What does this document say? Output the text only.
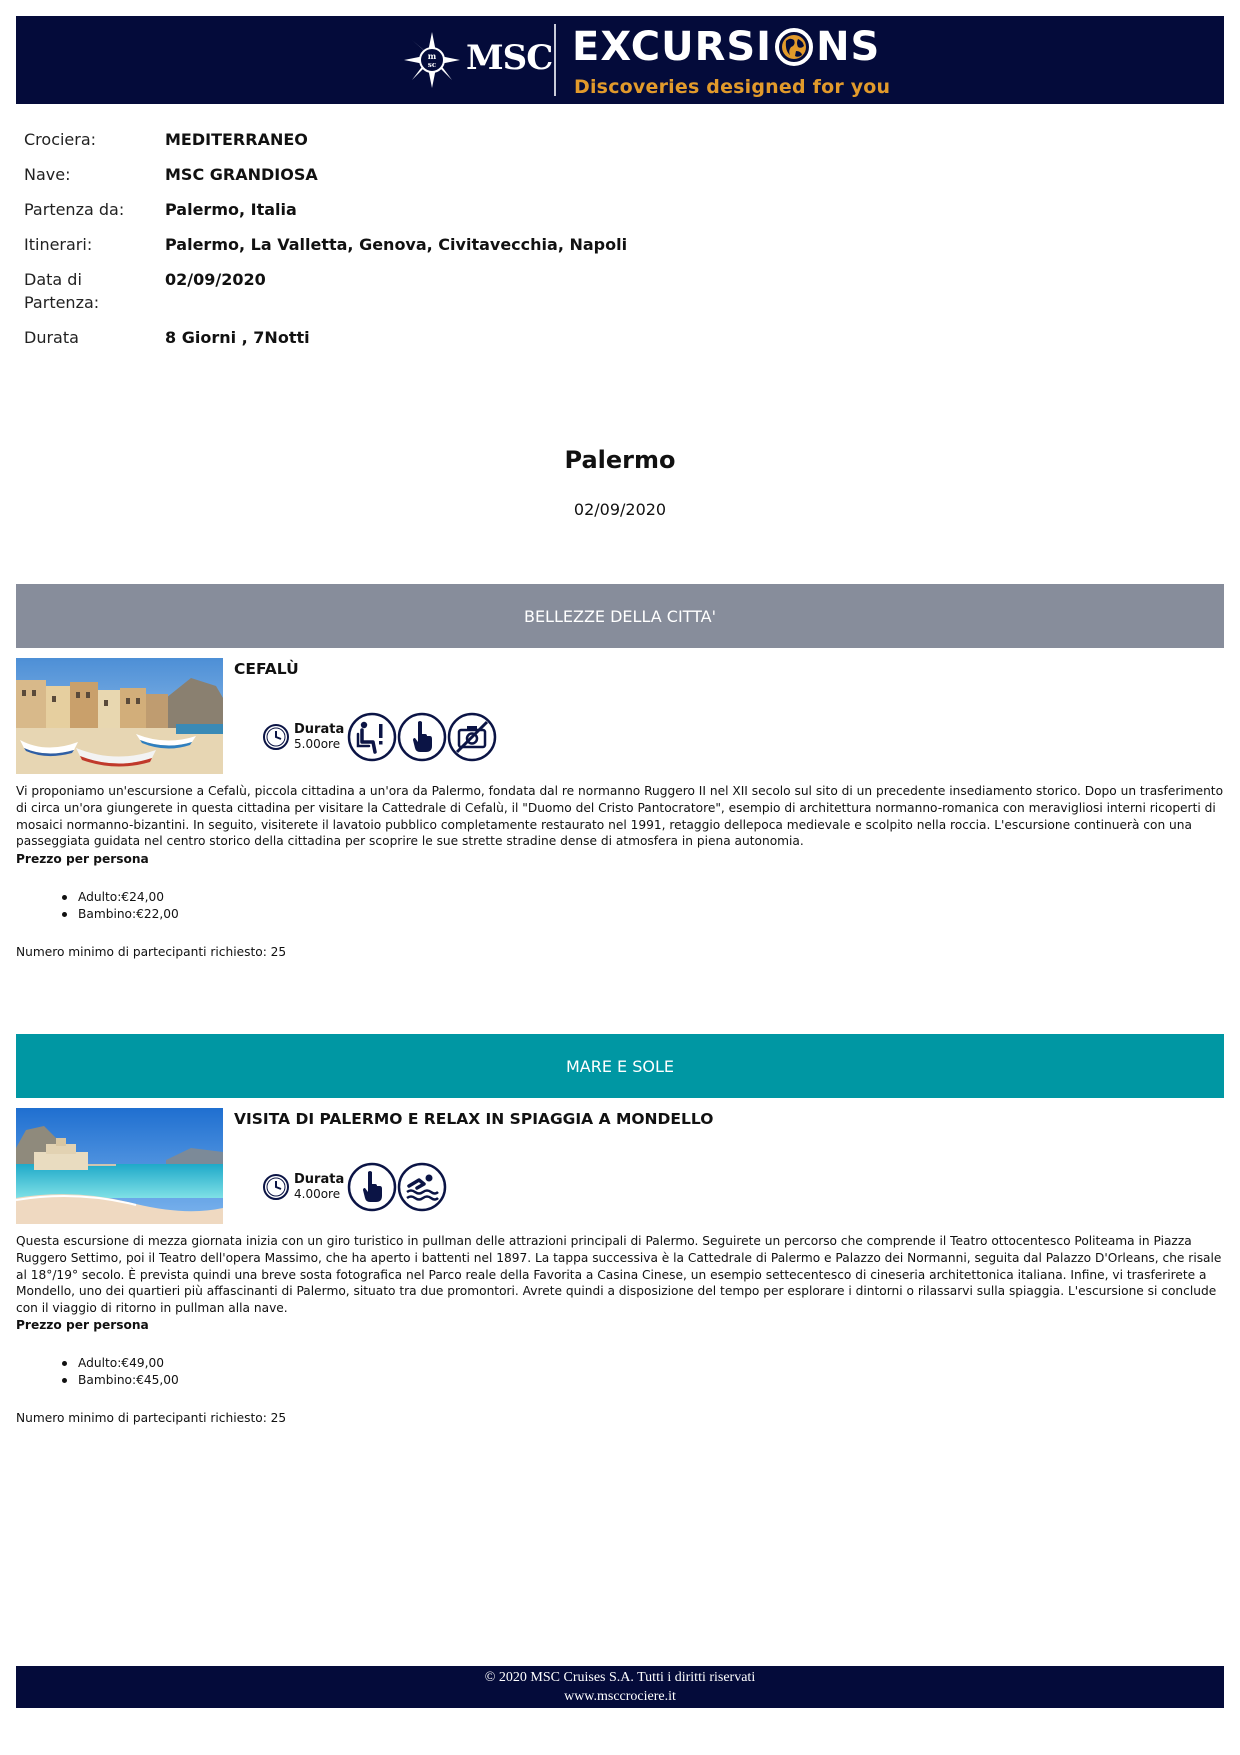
m
sc MSC EXCURSI NS
Discoveries designed for you
Crociera:	MEDITERRANEO
Nave:	MSC GRANDIOSA
Partenza da:	Palermo, Italia
Itinerari:	Palermo, La Valletta, Genova, Civitavecchia, Napoli
Data di Partenza:
02/09/2020
Durata	8 Giorni , 7Notti
Palermo
02/09/2020
BELLEZZE DELLA CITTA'
CEFALÙ
Durata
5.00ore
Vi proponiamo un'escursione a Cefalù, piccola cittadina a un'ora da Palermo, fondata dal re normanno Ruggero II nel XII secolo sul sito di un precedente insediamento storico. Dopo un trasferimento di circa un'ora giungerete in questa cittadina per visitare la Cattedrale di Cefalù, il "Duomo del Cristo Pantocratore", esempio di architettura normanno-romanica con meravigliosi interni ricoperti di mosaici normanno-bizantini. In seguito, visiterete il lavatoio pubblico completamente restaurato nel 1991, retaggio dellepoca medievale e scolpito nella roccia. L'escursione continuerà con una passeggiata guidata nel centro storico della cittadina per scoprire le sue strette stradine dense di atmosfera in piena autonomia.
Prezzo per persona
Adulto:€24,00
Bambino:€22,00
Numero minimo di partecipanti richiesto: 25
MARE E SOLE
VISITA DI PALERMO E RELAX IN SPIAGGIA A MONDELLO
Durata
4.00ore
Questa escursione di mezza giornata inizia con un giro turistico in pullman delle attrazioni principali di Palermo. Seguirete un percorso che comprende il Teatro ottocentesco Politeama in Piazza Ruggero Settimo, poi il Teatro dell'opera Massimo, che ha aperto i battenti nel 1897. La tappa successiva è la Cattedrale di Palermo e Palazzo dei Normanni, seguita dal Palazzo D'Orleans, che risale al 18°/19° secolo. È prevista quindi una breve sosta fotografica nel Parco reale della Favorita a Casina Cinese, un esempio settecentesco di cineseria architettonica italiana. Infine, vi trasferirete a Mondello, uno dei quartieri più affascinanti di Palermo, situato tra due promontori. Avrete quindi a disposizione del tempo per esplorare i dintorni o rilassarvi sulla spiaggia. L'escursione si conclude con il viaggio di ritorno in pullman alla nave.
Prezzo per persona
Adulto:€49,00
Bambino:€45,00
Numero minimo di partecipanti richiesto: 25
© 2020 MSC Cruises S.A. Tutti i diritti riservati
www.msccrociere.it
